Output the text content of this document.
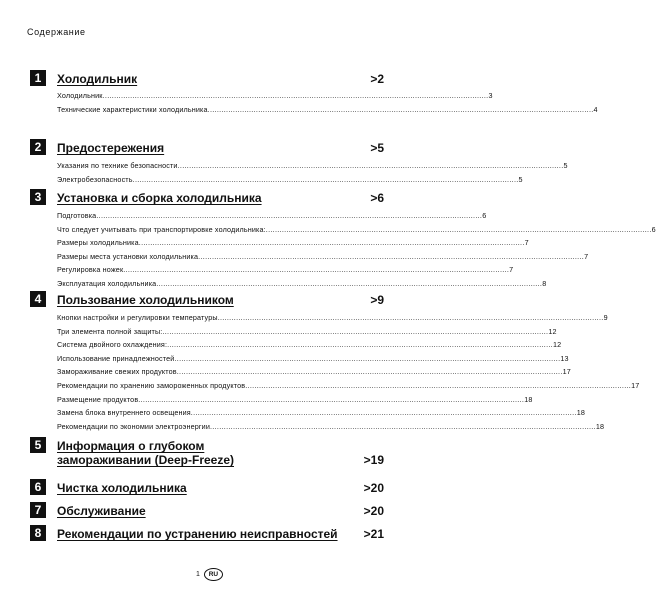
Содержание
1	Холодильник	>2
Холодильник .....	3
Технические характеристики холодильника .....	4
2	Предостережения	>5
Указания по технике безопасности .....	5
Электробезопасность .....	5
3	Установка и сборка холодильника	>6
Подготовка .....	6
Что следует учитывать при транспортировке холодильника: .....	6
Размеры холодильника .....	7
Размеры места установки холодильника .....	7
Регулировка ножек .....	7
Эксплуатация холодильника .....	8
4	Пользование холодильником	>9
Кнопки настройки и регулировки температуры .....	9
Три элемента полной защиты: .....	12
Система двойного охлаждения: .....	12
Использование принадлежностей .....	13
Замораживание свежих продуктов .....	17
Рекомендации по хранению замороженных продуктов .....	17
Размещение продуктов .....	18
Замена блока внутреннего освещения .....	18
Рекомендации по экономии электроэнергии .....	18
5	Информация о глубоком замораживании (Deep-Freeze)	>19
6	Чистка холодильника	>20
7	Обслуживание	>20
8	Рекомендации по устранению неисправностей	>21
1	RU
